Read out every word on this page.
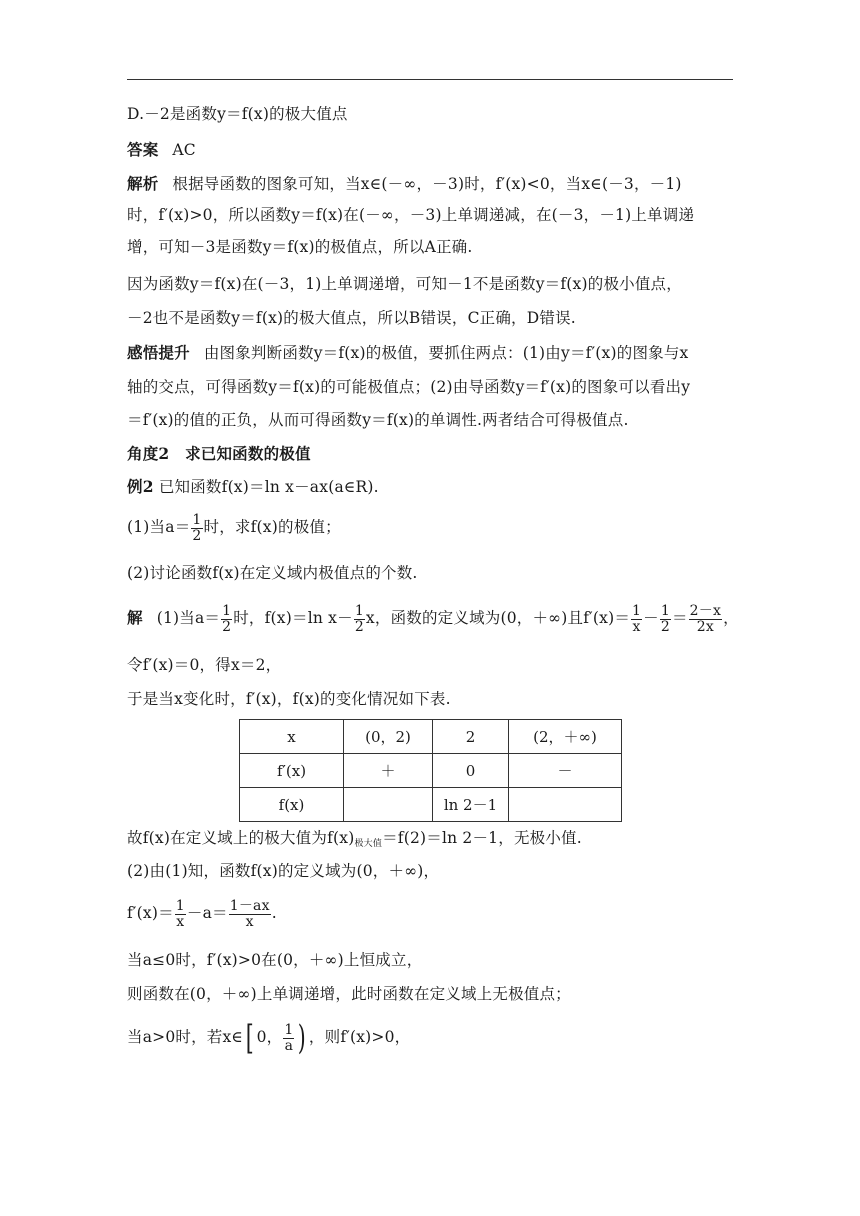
D.－2是函数y＝f(x)的极大值点
答案 AC
解析 根据导函数的图象可知，当x∈(－∞，－3)时，f′(x)<0，当x∈(－3，－1)
时，f′(x)>0，所以函数y＝f(x)在(－∞，－3)上单调递减，在(－3，－1)上单调递
增，可知－3是函数y＝f(x)的极值点，所以A正确.
因为函数y＝f(x)在(－3，1)上单调递增，可知－1不是函数y＝f(x)的极小值点，
－2也不是函数y＝f(x)的极大值点，所以B错误，C正确，D错误.
感悟提升 由图象判断函数y＝f(x)的极值，要抓住两点：(1)由y＝f′(x)的图象与x
轴的交点，可得函数y＝f(x)的可能极值点；(2)由导函数y＝f′(x)的图象可以看出y
＝f′(x)的值的正负，从而可得函数y＝f(x)的单调性.两者结合可得极值点.
角度2　求已知函数的极值
例2 已知函数f(x)＝ln x－ax(a∈R).
(1)当$a= \frac{1}{2}$ 时，求f(x)的极值；
(2)讨论函数f(x)在定义域内极值点的个数.
解 (1)当$a= \frac{1}{2}$ 时，f(x)＝ln $x- \frac{1}{2}$ x，函数的定义域为(0，＋∞)且$f'(x)= \frac{1}{x} - \frac{1}{2} = \frac{2-x}{2x}$ ，
令f′(x)＝0，得x＝2，
于是当x变化时，f′(x)，f(x)的变化情况如下表.
x	(0，2)	2	(2，＋∞)
f′(x)	＋	0	－
f(x)		ln 2－1	
故f(x)在定义域上的极大值为$f(x)_{极大值}=f(2)=\ln$ 2－1，无极小值.
(2)由(1)知，函数f(x)的定义域为(0，＋∞)，
$f'(x)= \frac{1}{x} -a= \frac{1-ax}{x}$ .
当a≤0时，f′(x)>0在(0，＋∞)上恒成立，
则函数在(0，＋∞)上单调递增，此时函数在定义域上无极值点；
当a>0时，若x∈[ 0， $\frac{1}{a}$ ) ，则f′(x)>0，
